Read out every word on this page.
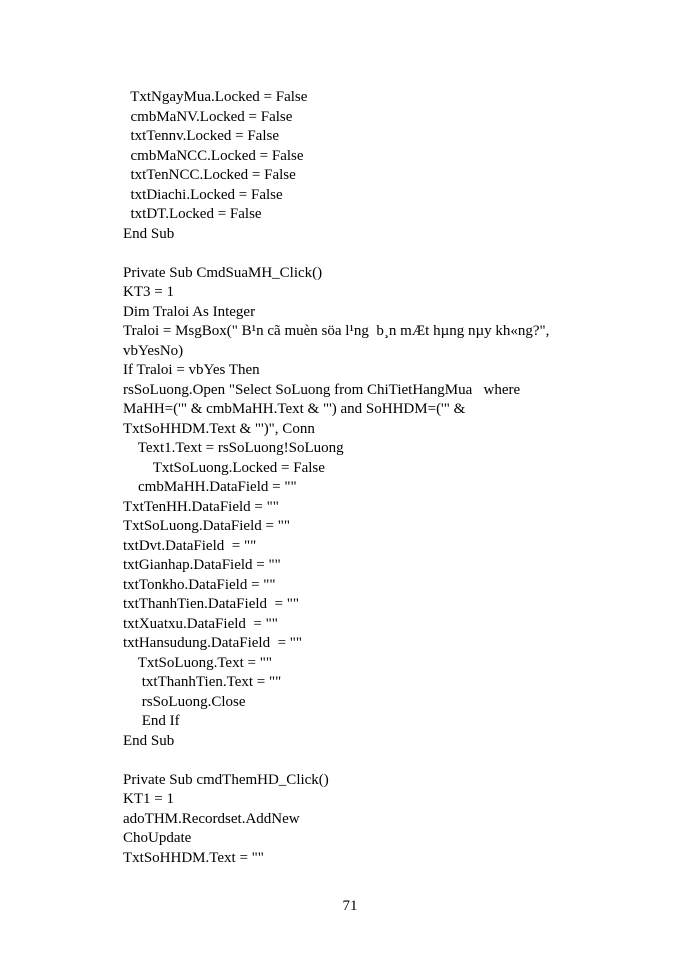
TxtNgayMua.Locked = False
cmbMaNV.Locked = False
txtTennv.Locked = False
cmbMaNCC.Locked = False
txtTenNCC.Locked = False
txtDiachi.Locked = False
txtDT.Locked = False
End Sub
Private Sub CmdSuaMH_Click()
KT3 = 1
Dim Traloi As Integer
Traloi = MsgBox(" B¹n cã muèn söa l¹ng  b¸n mÆt hµng nµy kh«ng?",
vbYesNo)
If Traloi = vbYes Then
rsSoLuong.Open "Select SoLuong from ChiTietHangMua   where
MaHH=('" & cmbMaHH.Text & "') and SoHHDM=('" &
TxtSoHHDM.Text & "')", Conn
Text1.Text = rsSoLuong!SoLuong
TxtSoLuong.Locked = False
cmbMaHH.DataField = ""
TxtTenHH.DataField = ""
TxtSoLuong.DataField = ""
txtDvt.DataField  = ""
txtGianhap.DataField = ""
txtTonkho.DataField = ""
txtThanhTien.DataField  = ""
txtXuatxu.DataField  = ""
txtHansudung.DataField  = ""
TxtSoLuong.Text = ""
txtThanhTien.Text = ""
rsSoLuong.Close
End If
End Sub
Private Sub cmdThemHD_Click()
KT1 = 1
adoTHM.Recordset.AddNew
ChoUpdate
TxtSoHHDM.Text = ""
71
